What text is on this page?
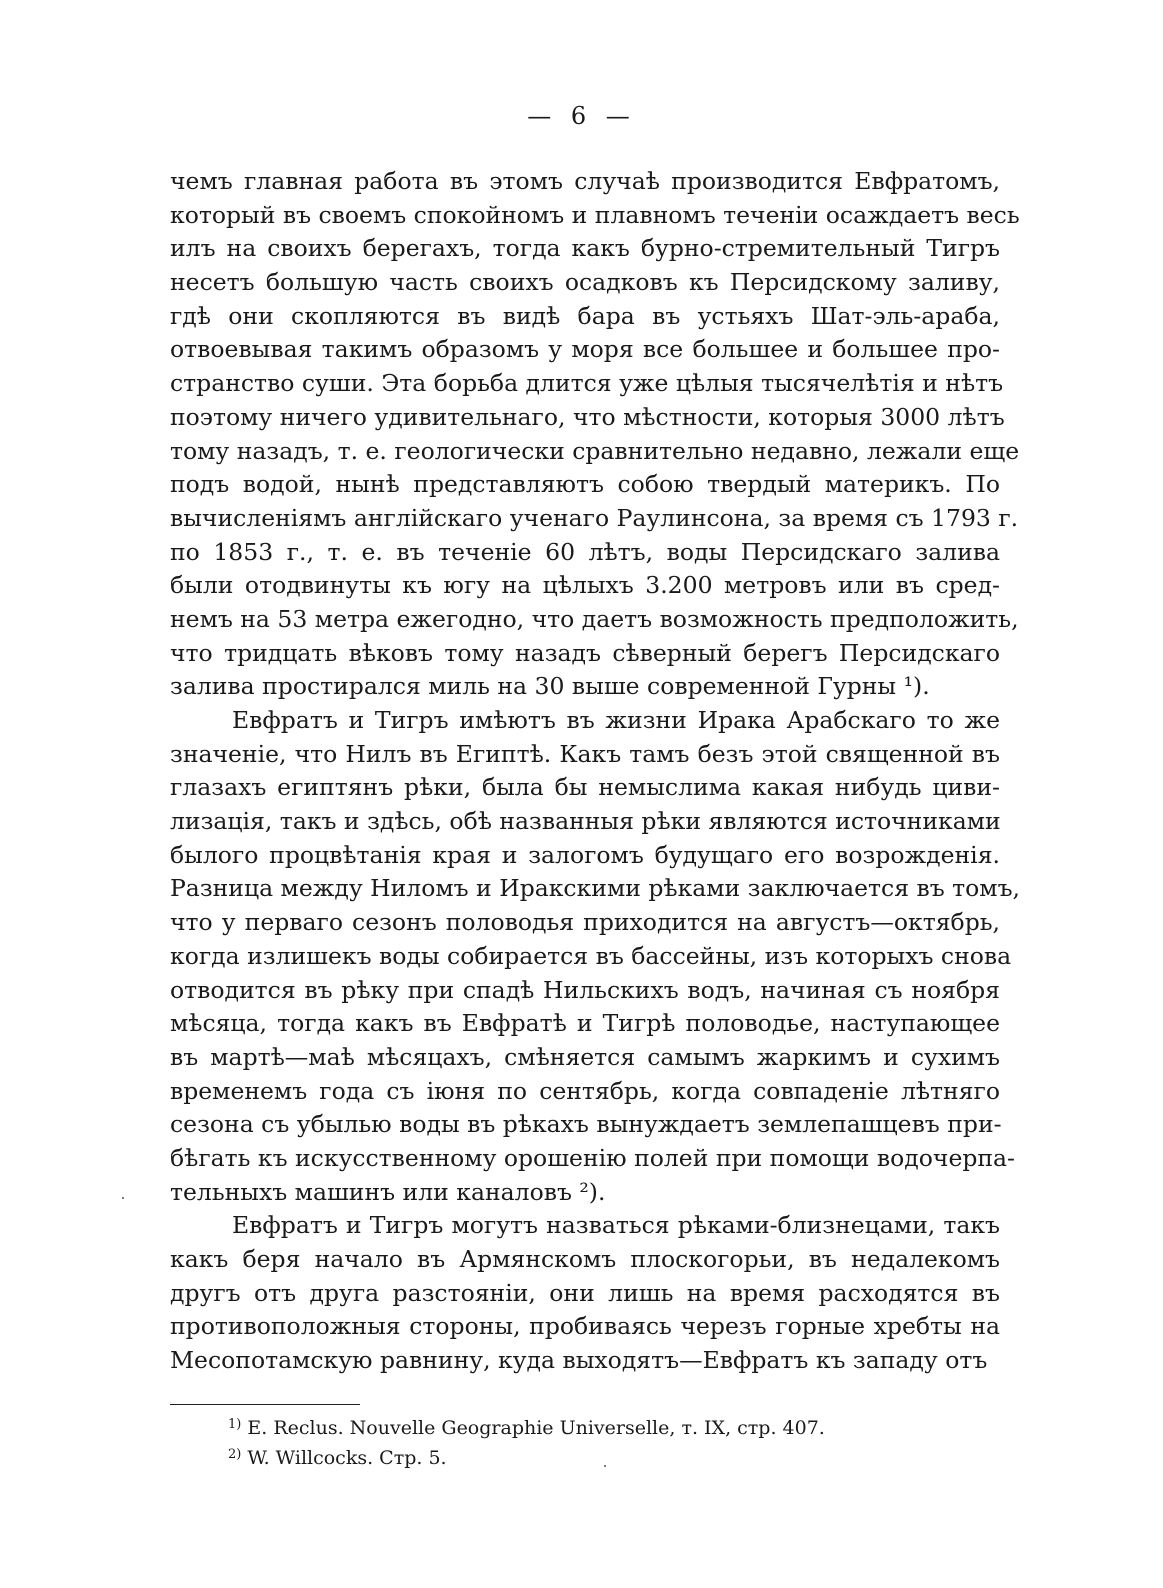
— 6 —
чемъ главная работа въ этомъ случаѣ производится Евфратомъ,
который въ своемъ спокойномъ и плавномъ теченіи осаждаетъ весь
илъ на своихъ берегахъ, тогда какъ бурно-стремительный Тигръ
несетъ большую часть своихъ осадковъ къ Персидскому заливу,
гдѣ они скопляются въ видѣ бара въ устьяхъ Шат-эль-араба,
отвоевывая такимъ образомъ у моря все большее и большее про-
странство суши. Эта борьба длится уже цѣлыя тысячелѣтія и нѣтъ
поэтому ничего удивительнаго, что мѣстности, которыя 3000 лѣтъ
тому назадъ, т. е. геологически сравнительно недавно, лежали еще
подъ водой, нынѣ представляютъ собою твердый материкъ. По
вычисленіямъ англійскаго ученаго Раулинсона, за время съ 1793 г.
по 1853 г., т. е. въ теченіе 60 лѣтъ, воды Персидскаго залива
были отодвинуты къ югу на цѣлыхъ 3.200 метровъ или въ сред-
немъ на 53 метра ежегодно, что даетъ возможность предположить,
что тридцать вѣковъ тому назадъ сѣверный берегъ Персидскаго
залива простирался миль на 30 выше современной Гурны ¹).
Евфратъ и Тигръ имѣютъ въ жизни Ирака Арабскаго то же
значеніе, что Нилъ въ Египтѣ. Какъ тамъ безъ этой священной въ
глазахъ египтянъ рѣки, была бы немыслима какая нибудь циви-
лизація, такъ и здѣсь, обѣ названныя рѣки являются источниками
былого процвѣтанія края и залогомъ будущаго его возрожденія.
Разница между Ниломъ и Иракскими рѣками заключается въ томъ,
что у перваго сезонъ половодья приходится на августъ—октябрь,
когда излишекъ воды собирается въ бассейны, изъ которыхъ снова
отводится въ рѣку при спадѣ Нильскихъ водъ, начиная съ ноября
мѣсяца, тогда какъ въ Евфратѣ и Тигрѣ половодье, наступающее
въ мартѣ—маѣ мѣсяцахъ, смѣняется самымъ жаркимъ и сухимъ
временемъ года съ іюня по сентябрь, когда совпаденіе лѣтняго
сезона съ убылью воды въ рѣкахъ вынуждаетъ землепашцевъ при-
бѣгать къ искусственному орошенію полей при помощи водочерпа-
тельныхъ машинъ или каналовъ ²).
Евфратъ и Тигръ могутъ назваться рѣками-близнецами, такъ
какъ беря начало въ Армянскомъ плоскогорьи, въ недалекомъ
другъ отъ друга разстояніи, они лишь на время расходятся въ
противоположныя стороны, пробиваясь черезъ горные хребты на
Месопотамскую равнину, куда выходятъ—Евфратъ къ западу отъ
$^{1)}$ E. Reclus. Nouvelle Geographie Universelle, т. IX, стр. 407.
$^{2)}$ W. Willcocks. Стр. 5.
